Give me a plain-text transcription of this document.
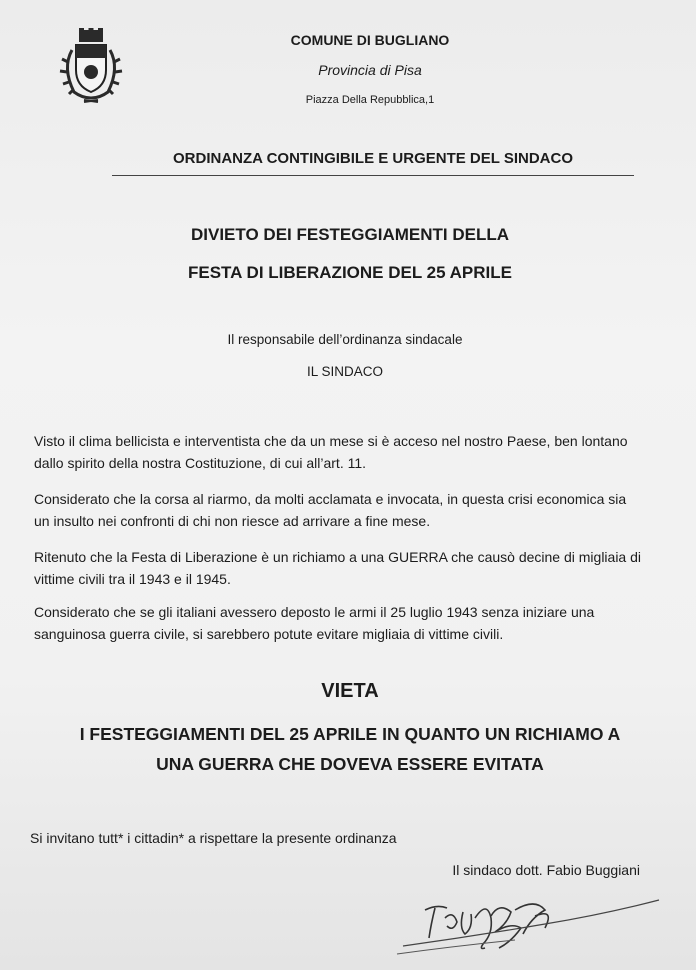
COMUNE DI BUGLIANO
Provincia di Pisa
Piazza Della Repubblica,1
ORDINANZA CONTINGIBILE E URGENTE DEL SINDACO
DIVIETO DEI FESTEGGIAMENTI DELLA
FESTA DI LIBERAZIONE DEL 25 APRILE
Il responsabile dell’ordinanza sindacale
IL SINDACO

Visto il clima bellicista e interventista che da un mese si è acceso nel nostro Paese, ben lontano dallo spirito della nostra Costituzione, di cui all’art. 11.

Considerato che la corsa al riarmo, da molti acclamata e invocata, in questa crisi economica sia un insulto nei confronti di chi non riesce ad arrivare a fine mese.

Ritenuto che la Festa di Liberazione è un richiamo a una GUERRA che causò decine di migliaia di vittime civili tra il 1943 e il 1945.

Considerato che se gli italiani avessero deposto le armi il 25 luglio 1943 senza iniziare una sanguinosa guerra civile, si sarebbero potute evitare migliaia di vittime civili.

VIETA
I FESTEGGIAMENTI DEL 25 APRILE IN QUANTO UN RICHIAMO A UNA GUERRA CHE DOVEVA ESSERE EVITATA
Si invitano tutt* i cittadin* a rispettare la presente ordinanza
Il sindaco dott. Fabio Buggiani
